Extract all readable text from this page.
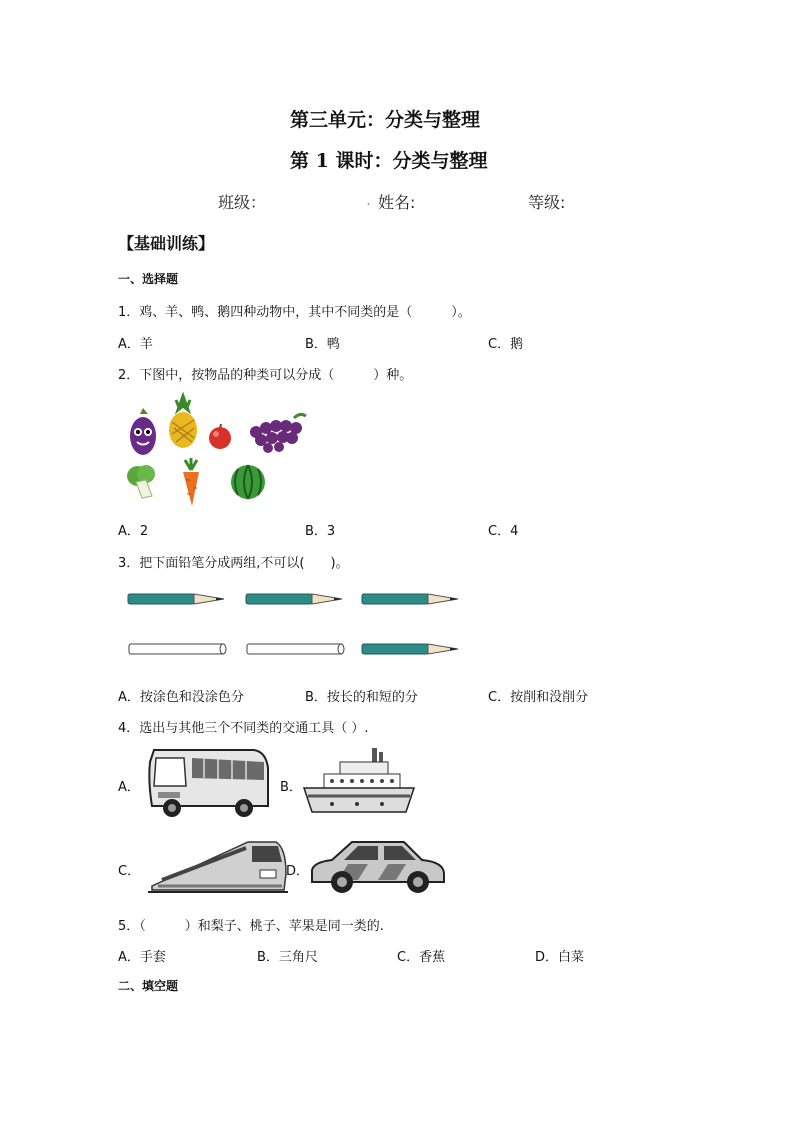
第三单元：分类与整理
第 1 课时：分类与整理
班级：	. 姓名:	等级:
【基础训练】
一、选择题
1．鸡、羊、鸭、鹅四种动物中，其中不同类的是（　　　）。
A．羊	B．鸭	C．鹅
2．下图中，按物品的种类可以分成（　　　）种。
A．2	B．3	C．4
3．把下面铅笔分成两组,不可以(　　)。
A．按涂色和没涂色分	B．按长的和短的分	C．按削和没削分
4．选出与其他三个不同类的交通工具（ ）.
A．	B．
C．	D．
5．（　　　）和梨子、桃子、苹果是同一类的.
A．手套	B．三角尺	C．香蕉	D．白菜
二、填空题
